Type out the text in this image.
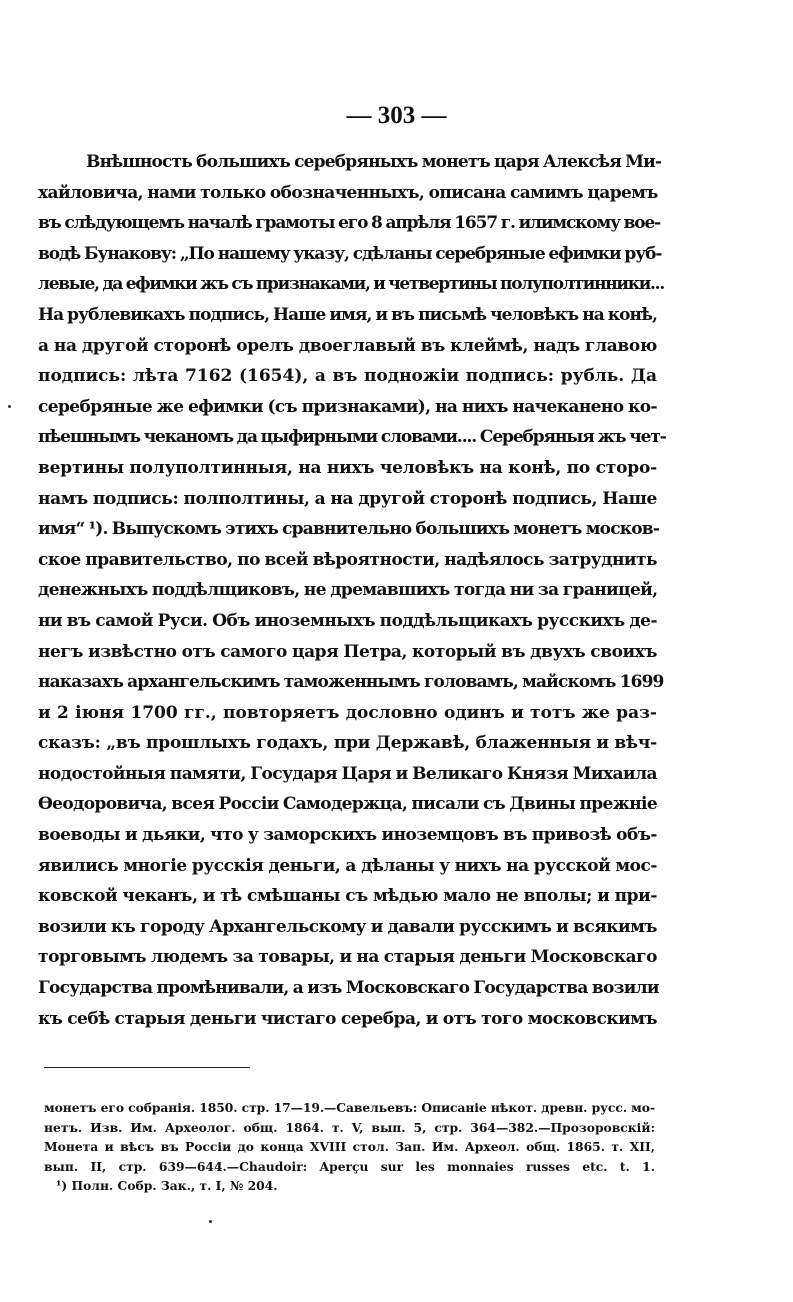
— 303 —
Внѣшность большихъ серебряныхъ монетъ царя Алексѣя Ми-
хайловича, нами только обозначенныхъ, описана самимъ царемъ
въ слѣдующемъ началѣ грамоты его 8 апрѣля 1657 г. илимскому вое-
водѣ Бунакову: „По нашему указу, сдѣланы серебряные ефимки руб-
левые, да ефимки жъ съ признаками, и четвертины полуполтинники...
На рублевикахъ подпись, Наше имя, и въ письмѣ человѣкъ на конѣ,
а на другой сторонѣ орелъ двоеглавый въ клеймѣ, надъ главою
подпись: лѣта 7162 (1654), а въ подножіи подпись: рубль. Да
серебряные же ефимки (съ признаками), на нихъ начеканено ко-
пѣешнымъ чеканомъ да цыфирными словами.... Серебряныя жъ чет-
вертины полуполтинныя, на нихъ человѣкъ на конѣ, по сторо-
намъ подпись: полполтины, а на другой сторонѣ подпись, Наше
имя“ ¹). Выпускомъ этихъ сравнительно большихъ монетъ москов-
ское правительство, по всей вѣроятности, надѣялось затруднить
денежныхъ поддѣлщиковъ, не дремавшихъ тогда ни за границей,
ни въ самой Руси. Объ иноземныхъ поддѣльщикахъ русскихъ де-
негъ извѣстно отъ самого царя Петра, который въ двухъ своихъ
наказахъ архангельскимъ таможеннымъ головамъ, майскомъ 1699
и 2 іюня 1700 гг., повторяетъ дословно одинъ и тотъ же раз-
сказъ: „въ прошлыхъ годахъ, при Державѣ, блаженныя и вѣч-
нодостойныя памяти, Государя Царя и Великаго Князя Михаила
Ѳеодоровича, всея Россіи Самодержца, писали съ Двины прежніе
воеводы и дьяки, что у заморскихъ иноземцовъ въ привозѣ объ-
явились многіе русскія деньги, а дѣланы у нихъ на русской мос-
ковской чеканъ, и тѣ смѣшаны съ мѣдью мало не вполы; и при-
возили къ городу Архангельскому и давали русскимъ и всякимъ
торговымъ людемъ за товары, и на старыя деньги Московскаго
Государства промѣнивали, а изъ Московскаго Государства возили
къ себѣ старыя деньги чистаго серебра, и отъ того московскимъ
монетъ его собранія. 1850. стр. 17—19.—Савельевъ: Описаніе нѣкот. древн. русс. мо-
нетъ. Изв. Им. Археолог. общ. 1864. т. V, вып. 5, стр. 364—382.—Прозоровскій:
Монета и вѣсъ въ Россіи до конца XVIII стол. Зап. Им. Археол. общ. 1865. т. XII,
вып. II, стр. 639—644.—Chaudoir: Aperçu sur les monnaies russes etc. t. 1.
¹) Полн. Собр. Зак., т. I, № 204.
